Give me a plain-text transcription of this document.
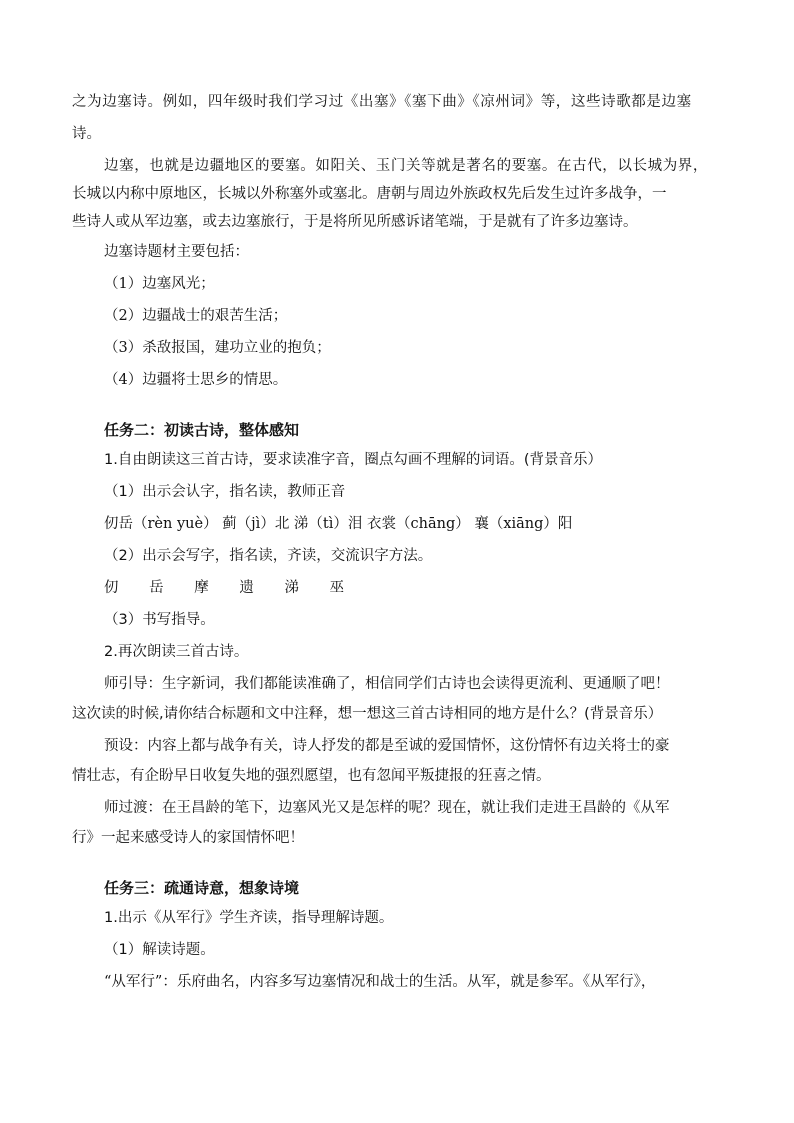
之为边塞诗。例如，四年级时我们学习过《出塞》《塞下曲》《凉州词》等，这些诗歌都是边塞

诗。

边塞，也就是边疆地区的要塞。如阳关、玉门关等就是著名的要塞。在古代，以长城为界，

长城以内称中原地区，长城以外称塞外或塞北。唐朝与周边外族政权先后发生过许多战争，一

些诗人或从军边塞，或去边塞旅行，于是将所见所感诉诸笔端，于是就有了许多边塞诗。

边塞诗题材主要包括：

（1）边塞风光；

（2）边疆战士的艰苦生活；

（3）杀敌报国，建功立业的抱负；

（4）边疆将士思乡的情思。

任务二：初读古诗，整体感知

1.自由朗读这三首古诗，要求读准字音，圈点勾画不理解的词语。(背景音乐）

（1）出示会认字，指名读，教师正音

仞岳（rèn yuè） 蓟（jì）北 涕（tì）泪 衣裳（chāng） 襄（xiāng）阳

（2）出示会写字，指名读，齐读，交流识字方法。

仞 岳 摩 遗 涕 巫

（3）书写指导。

2.再次朗读三首古诗。

师引导：生字新词，我们都能读准确了，相信同学们古诗也会读得更流利、更通顺了吧！

这次读的时候,请你结合标题和文中注释，想一想这三首古诗相同的地方是什么？(背景音乐）

预设：内容上都与战争有关，诗人抒发的都是至诚的爱国情怀，这份情怀有边关将士的豪

情壮志，有企盼早日收复失地的强烈愿望，也有忽闻平叛捷报的狂喜之情。

师过渡：在王昌龄的笔下，边塞风光又是怎样的呢？现在，就让我们走进王昌龄的《从军

行》一起来感受诗人的家国情怀吧！

任务三：疏通诗意，想象诗境

1.出示《从军行》学生齐读，指导理解诗题。

（1）解读诗题。

“从军行”：乐府曲名，内容多写边塞情况和战士的生活。从军，就是参军。《从军行》，
